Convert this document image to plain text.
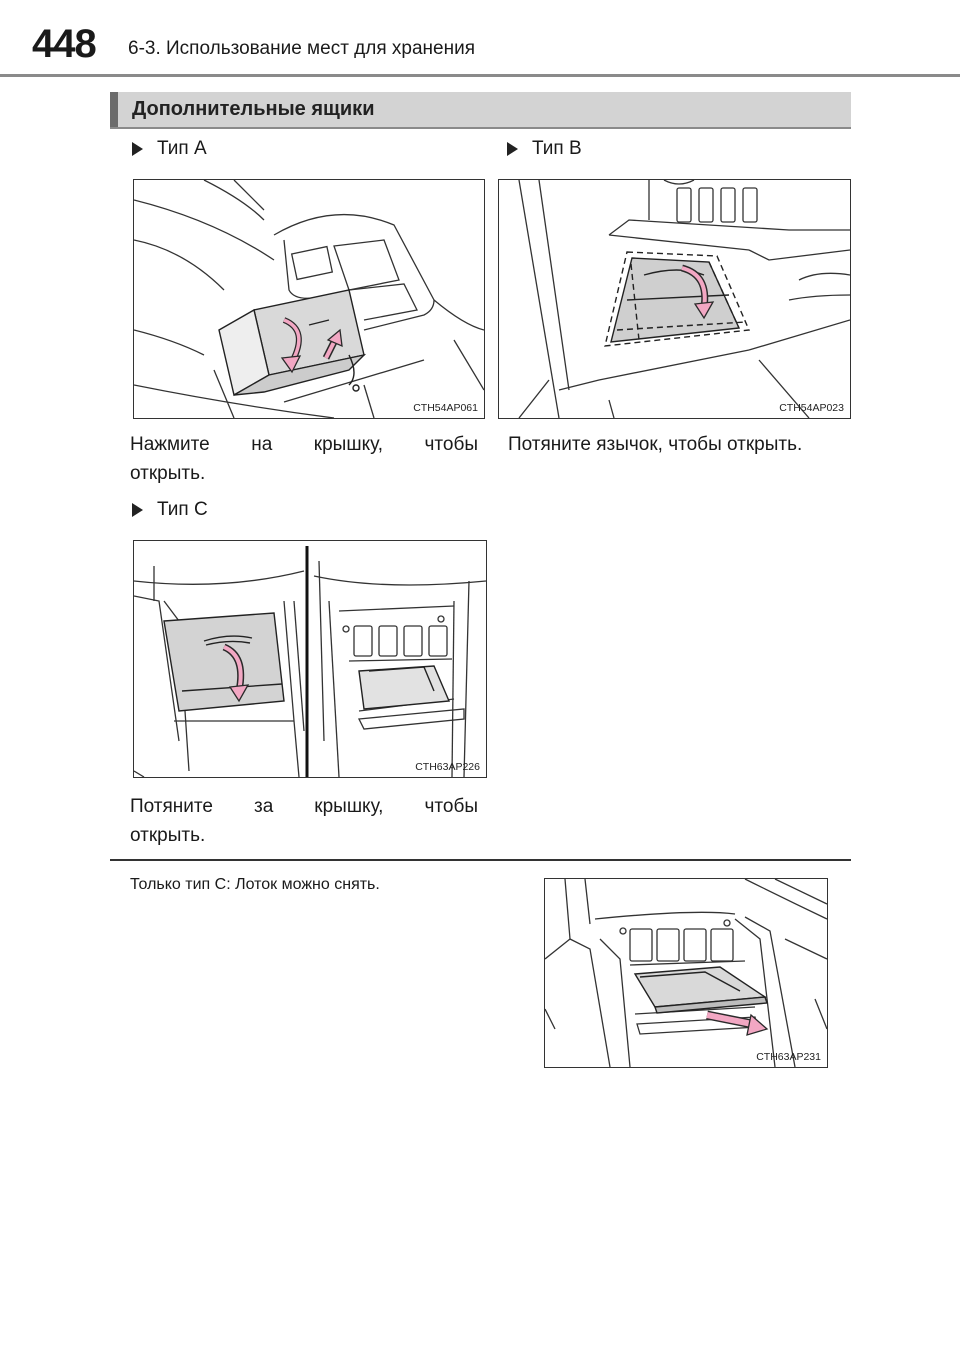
448 6-3. Использование мест для хранения
Дополнительные ящики
Тип A
CTH54AP061
Нажмите на крышку, чтобы
открыть.
Тип B
CTH54AP023
Потяните язычок, чтобы открыть.
Тип C
CTH63AP226
Потяните за крышку, чтобы
открыть.
Только тип C: Лоток можно снять.
CTH63AP231
